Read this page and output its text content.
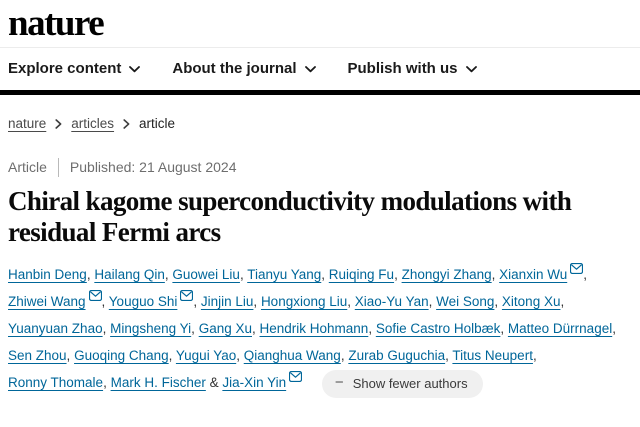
nature
Explore content	About the journal	Publish with us
nature articles article
Article Published: 21 August 2024
Chiral kagome superconductivity modulations with residual Fermi arcs

Hanbin Deng, Hailang Qin, Guowei Liu, Tianyu Yang, Ruiqing Fu, Zhongyi Zhang, Xianxin Wu , Zhiwei Wang , Youguo Shi , Jinjin Liu, Hongxiong Liu, Xiao-Yu Yan, Wei Song, Xitong Xu, Yuanyuan Zhao, Mingsheng Yi, Gang Xu, Hendrik Hohmann, Sofie Castro Holbæk, Matteo Dürrnagel, Sen Zhou, Guoqing Chang, Yugui Yao, Qianghua Wang, Zurab Guguchia, Titus Neupert, Ronny Thomale, Mark H. Fischer & Jia-Xin Yin	− Show fewer authors
